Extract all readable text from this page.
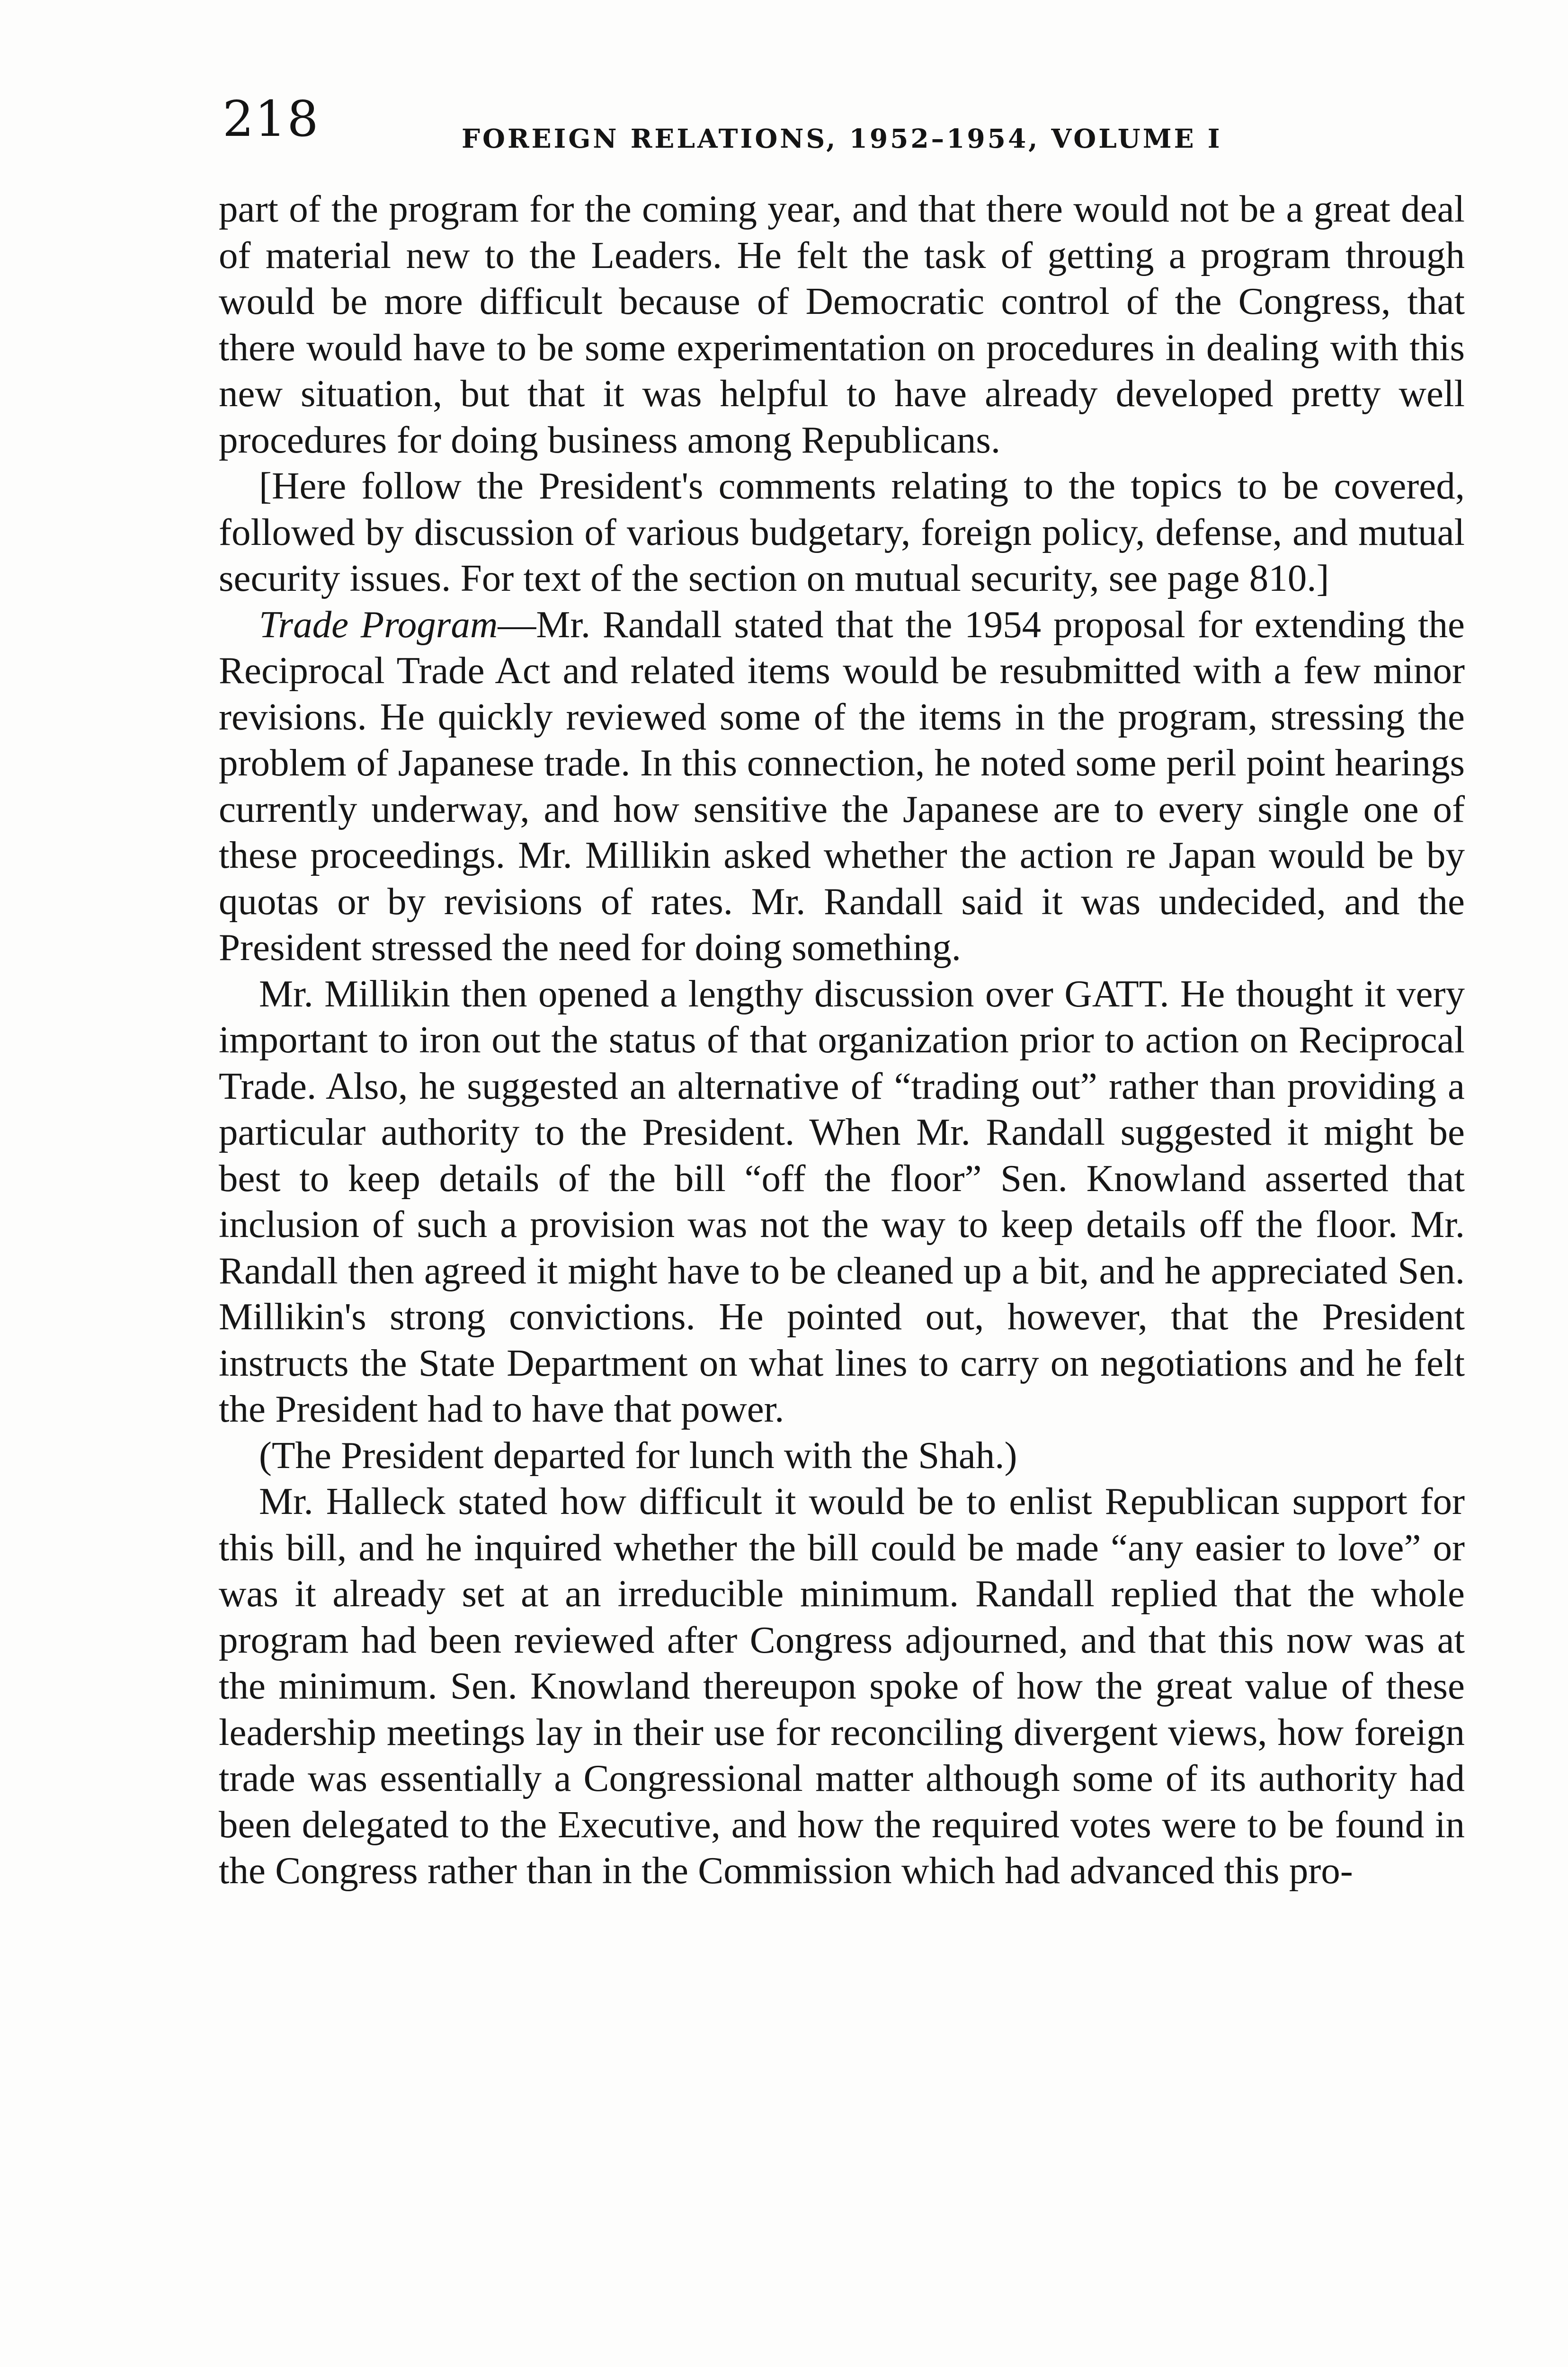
218	FOREIGN RELATIONS, 1952–1954, VOLUME I

part of the program for the coming year, and that there would not be a great deal of material new to the Leaders. He felt the task of getting a program through would be more difficult because of Democratic control of the Congress, that there would have to be some experimentation on procedures in dealing with this new situation, but that it was helpful to have already developed pretty well procedures for doing business among Republicans.

[Here follow the President's comments relating to the topics to be covered, followed by discussion of various budgetary, foreign policy, defense, and mutual security issues. For text of the section on mutual security, see page 810.]

Trade Program—Mr. Randall stated that the 1954 proposal for extending the Reciprocal Trade Act and related items would be resubmitted with a few minor revisions. He quickly reviewed some of the items in the program, stressing the problem of Japanese trade. In this connection, he noted some peril point hearings currently underway, and how sensitive the Japanese are to every single one of these proceedings. Mr. Millikin asked whether the action re Japan would be by quotas or by revisions of rates. Mr. Randall said it was undecided, and the President stressed the need for doing something.

Mr. Millikin then opened a lengthy discussion over GATT. He thought it very important to iron out the status of that organization prior to action on Reciprocal Trade. Also, he suggested an alternative of “trading out” rather than providing a particular authority to the President. When Mr. Randall suggested it might be best to keep details of the bill “off the floor” Sen. Knowland asserted that inclusion of such a provision was not the way to keep details off the floor. Mr. Randall then agreed it might have to be cleaned up a bit, and he appreciated Sen. Millikin's strong convictions. He pointed out, however, that the President instructs the State Department on what lines to carry on negotiations and he felt the President had to have that power.

(The President departed for lunch with the Shah.)

Mr. Halleck stated how difficult it would be to enlist Republican support for this bill, and he inquired whether the bill could be made “any easier to love” or was it already set at an irreducible minimum. Randall replied that the whole program had been reviewed after Congress adjourned, and that this now was at the minimum. Sen. Knowland thereupon spoke of how the great value of these leadership meetings lay in their use for reconciling divergent views, how foreign trade was essentially a Congressional matter although some of its authority had been delegated to the Executive, and how the required votes were to be found in the Congress rather than in the Commission which had advanced this pro-
